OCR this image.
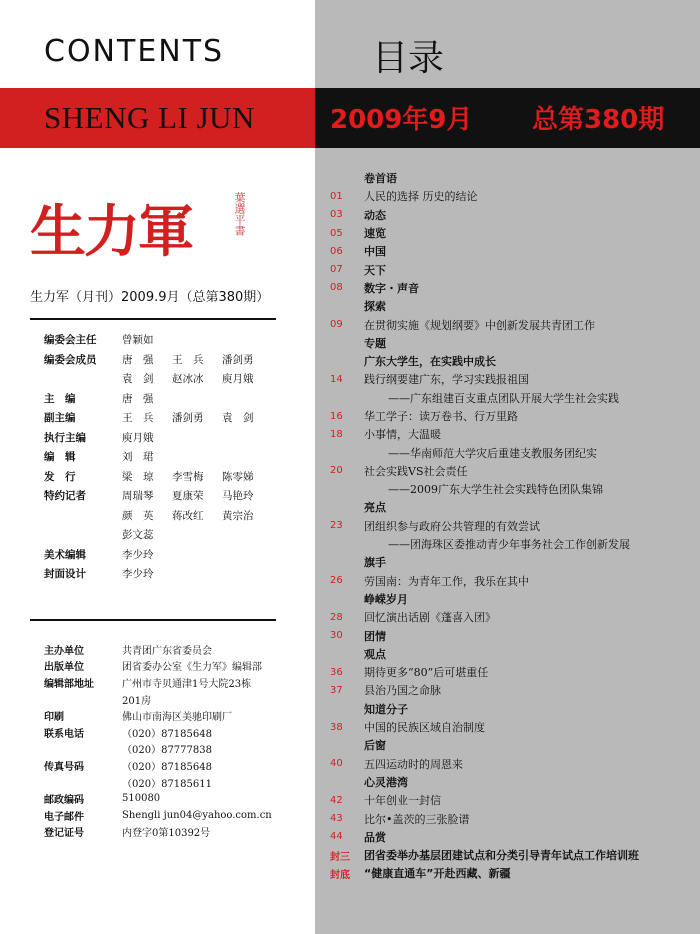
CONTENTS	目录
SHENG LI JUN	2009年9月 总第380期
生力軍	葉選平書
生力军（月刊）2009.9月（总第380期）
编委会主任	曾颖如
编委会成员	唐　强	王　兵	潘剑勇
袁　剑	赵冰冰	庾月娥
主　编	唐　强
副主编	王　兵	潘剑勇	袁　剑
执行主编	庾月娥
编　辑	刘　珺
发　行	梁　琼	李雪梅	陈零娣
特约记者	周瑞琴	夏康荣	马艳玲
颜　英	蒋改红	黄宗治
彭文蕊
美术编辑	李少玲
封面设计	李少玲
主办单位	共青团广东省委员会
出版单位	团省委办公室《生力军》编辑部
编辑部地址	广州市寺贝通津1号大院23栋
201房
印刷	佛山市南海区美驰印刷厂
联系电话	（020）87185648
（020）87777838
传真号码	（020）87185648
（020）87185611
邮政编码	510080
电子邮件	Shengli jun04@yahoo.com.cn
登记证号	内登字0第10392号
卷首语
01	人民的选择 历史的结论
03	动态
05	速览
06	中国
07	天下
08	数字・声音
探索
09	在贯彻实施《规划纲要》中创新发展共青团工作
专题
广东大学生，在实践中成长
14	践行纲要建广东，学习实践报祖国
——广东组建百支重点团队开展大学生社会实践
16	华工学子：读万卷书、行万里路
18	小事情，大温暖
——华南师范大学灾后重建支教服务团纪实
20	社会实践VS社会责任
——2009广东大学生社会实践特色团队集锦
亮点
23	团组织参与政府公共管理的有效尝试
——团海珠区委推动青少年事务社会工作创新发展
旗手
26	劳国南：为青年工作，我乐在其中
峥嵘岁月
28	回忆演出话剧《蓬喜入团》
30	团情
观点
36	期待更多“80”后可堪重任
37	县治乃国之命脉
知道分子
38	中国的民族区域自治制度
后窗
40	五四运动时的周恩来
心灵港湾
42	十年创业一封信
43	比尔•盖茨的三张脸谱
44	品赏
封三	团省委举办基层团建试点和分类引导青年试点工作培训班
封底	“健康直通车”开赴西藏、新疆
